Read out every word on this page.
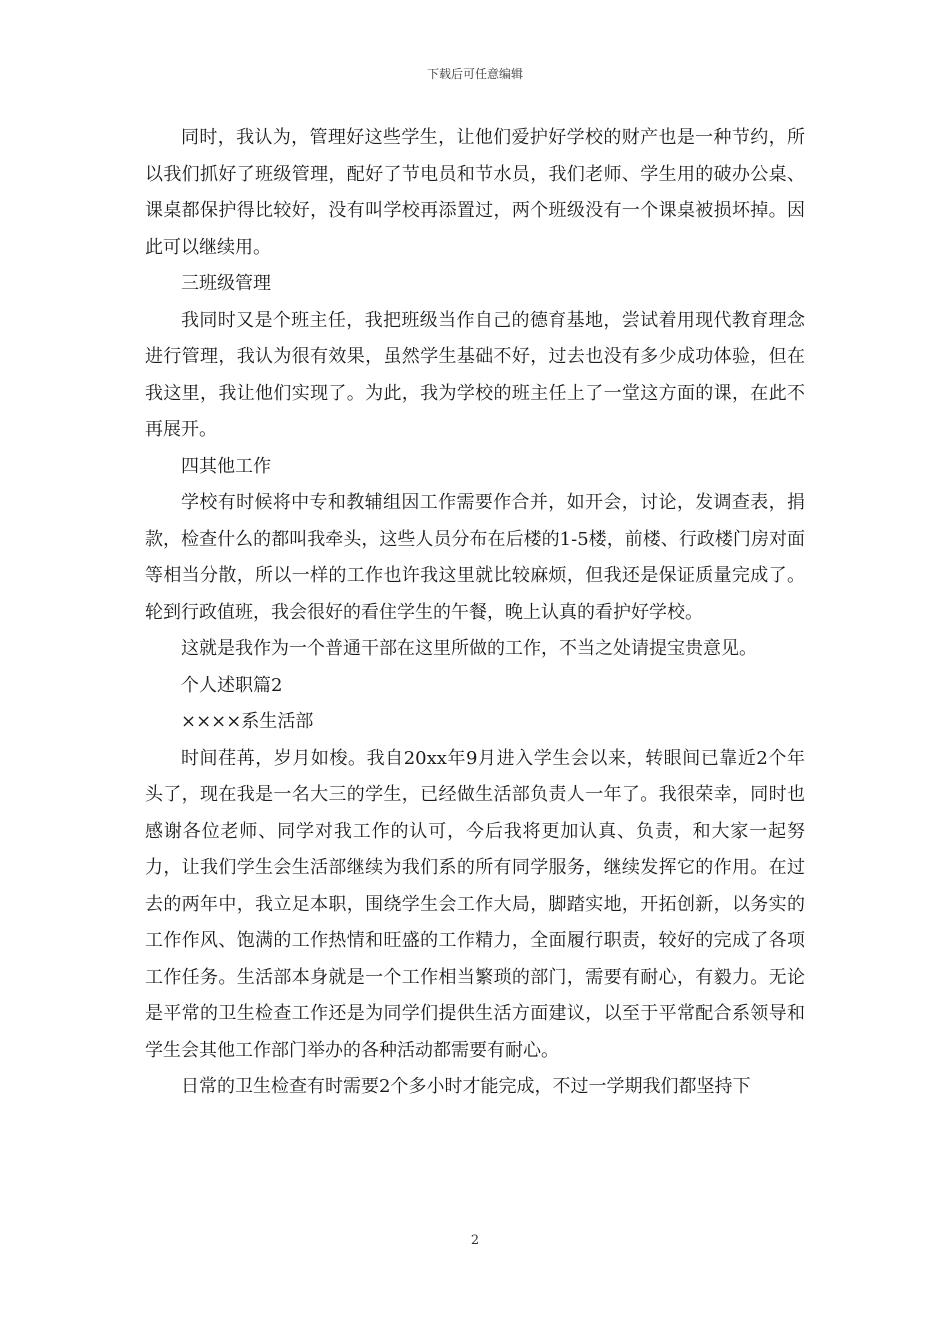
下载后可任意编辑

同时，我认为，管理好这些学生，让他们爱护好学校的财产也是一种节约，所以我们抓好了班级管理，配好了节电员和节水员，我们老师、学生用的破办公桌、课桌都保护得比较好，没有叫学校再添置过，两个班级没有一个课桌被损坏掉。因此可以继续用。

三班级管理

我同时又是个班主任，我把班级当作自己的德育基地，尝试着用现代教育理念进行管理，我认为很有效果，虽然学生基础不好，过去也没有多少成功体验，但在我这里，我让他们实现了。为此，我为学校的班主任上了一堂这方面的课，在此不再展开。

四其他工作

学校有时候将中专和教辅组因工作需要作合并，如开会，讨论，发调查表，捐款，检查什么的都叫我牵头，这些人员分布在后楼的1-5楼，前楼、行政楼门房对面等相当分散，所以一样的工作也许我这里就比较麻烦，但我还是保证质量完成了。轮到行政值班，我会很好的看住学生的午餐，晚上认真的看护好学校。

这就是我作为一个普通干部在这里所做的工作，不当之处请提宝贵意见。

个人述职篇2

××××系生活部

时间荏苒，岁月如梭。我自20xx年9月进入学生会以来，转眼间已靠近2个年头了，现在我是一名大三的学生，已经做生活部负责人一年了。我很荣幸，同时也感谢各位老师、同学对我工作的认可，今后我将更加认真、负责，和大家一起努力，让我们学生会生活部继续为我们系的所有同学服务，继续发挥它的作用。在过去的两年中，我立足本职，围绕学生会工作大局，脚踏实地，开拓创新，以务实的工作作风、饱满的工作热情和旺盛的工作精力，全面履行职责，较好的完成了各项工作任务。生活部本身就是一个工作相当繁琐的部门，需要有耐心，有毅力。无论是平常的卫生检查工作还是为同学们提供生活方面建议，以至于平常配合系领导和学生会其他工作部门举办的各种活动都需要有耐心。

日常的卫生检查有时需要2个多小时才能完成，不过一学期我们都坚持下

2
